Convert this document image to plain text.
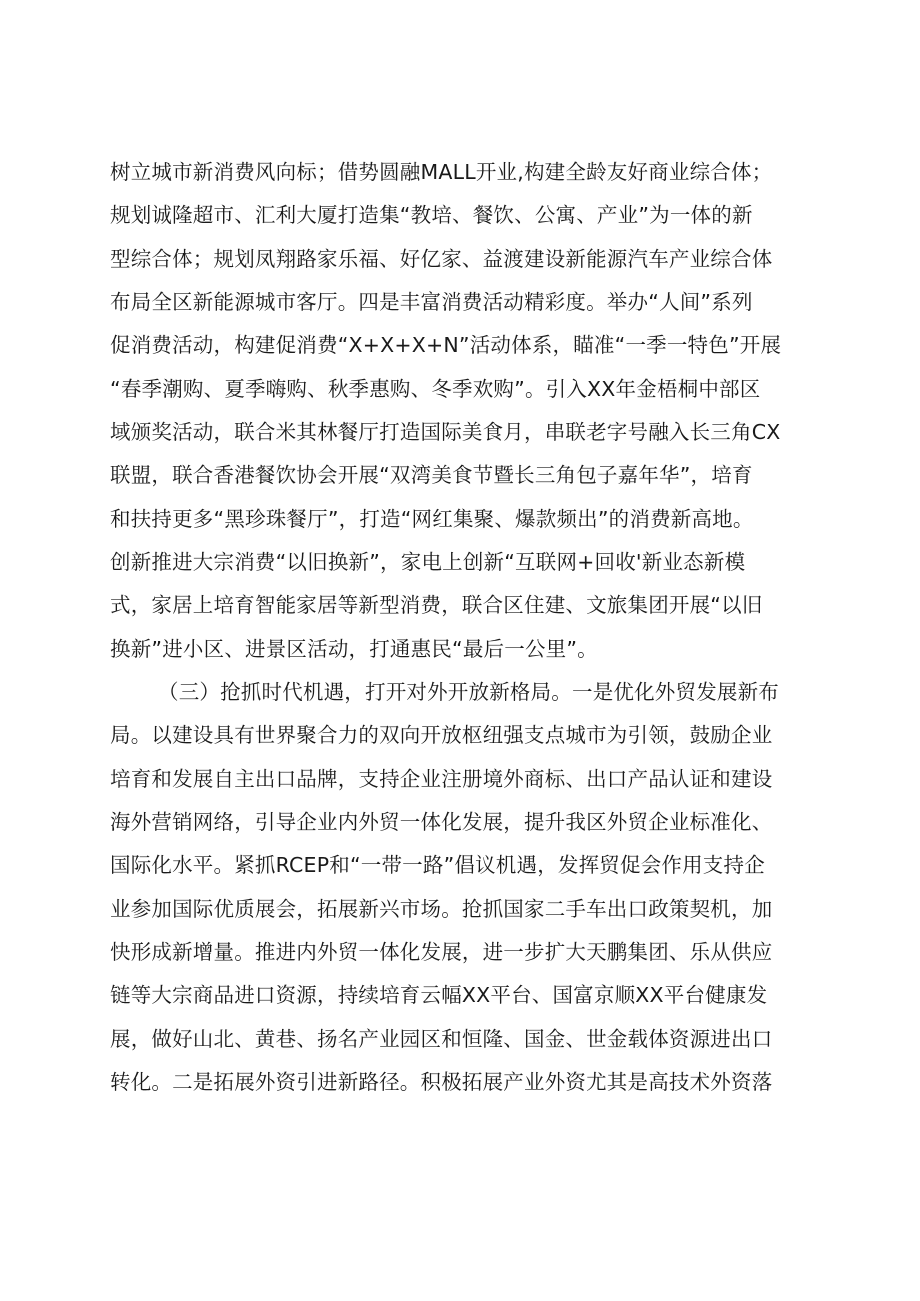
树立城市新消费风向标；借势圆融MALL开业,构建全龄友好商业综合体；
规划诚隆超市、汇利大厦打造集“教培、餐饮、公寓、产业”为一体的新
型综合体；规划凤翔路家乐福、好亿家、益渡建设新能源汽车产业综合体
布局全区新能源城市客厅。四是丰富消费活动精彩度。举办“人间”系列
促消费活动，构建促消费“X+X+X+N”活动体系，瞄准“一季一特色”开展
“春季潮购、夏季嗨购、秋季惠购、冬季欢购”。引入XX年金梧桐中部区
域颁奖活动，联合米其林餐厅打造国际美食月，串联老字号融入长三角CX
联盟，联合香港餐饮协会开展“双湾美食节暨长三角包子嘉年华”，培育
和扶持更多“黑珍珠餐厅”，打造“网红集聚、爆款频出”的消费新高地。
创新推进大宗消费“以旧换新”，家电上创新“互联网+回收'新业态新模
式，家居上培育智能家居等新型消费，联合区住建、文旅集团开展“以旧
换新”进小区、进景区活动，打通惠民“最后一公里”。
（三）抢抓时代机遇，打开对外开放新格局。一是优化外贸发展新布
局。以建设具有世界聚合力的双向开放枢纽强支点城市为引领，鼓励企业
培育和发展自主出口品牌，支持企业注册境外商标、出口产品认证和建设
海外营销网络，引导企业内外贸一体化发展，提升我区外贸企业标准化、
国际化水平。紧抓RCEP和“一带一路”倡议机遇，发挥贸促会作用支持企
业参加国际优质展会，拓展新兴市场。抢抓国家二手车出口政策契机，加
快形成新增量。推进内外贸一体化发展，进一步扩大天鹏集团、乐从供应
链等大宗商品进口资源，持续培育云幅XX平台、国富京顺XX平台健康发
展，做好山北、黄巷、扬名产业园区和恒隆、国金、世金载体资源进出口
转化。二是拓展外资引进新路径。积极拓展产业外资尤其是高技术外资落
